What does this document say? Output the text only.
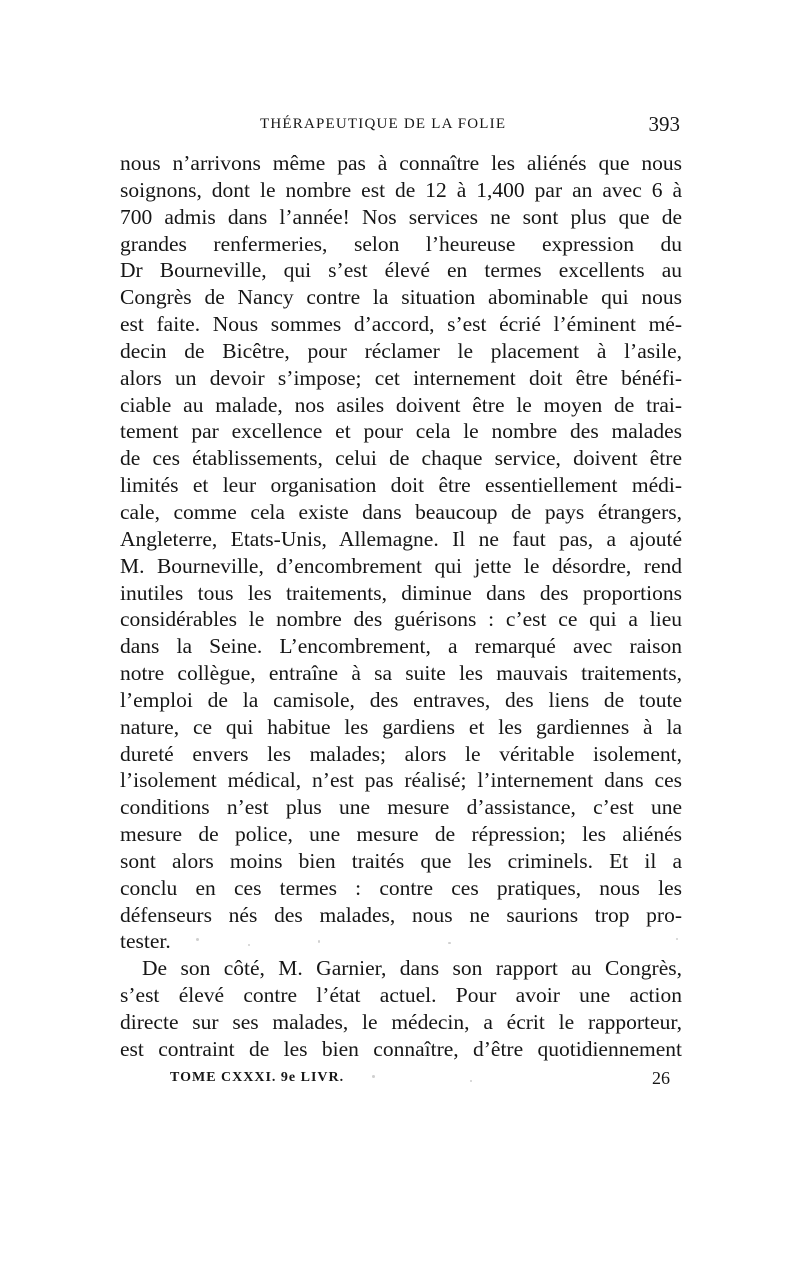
THÉRAPEUTIQUE DE LA FOLIE	393
nous n’arrivons même pas à connaître les aliénés que nous
soignons, dont le nombre est de 12 à 1,400 par an avec 6 à
700 admis dans l’année! Nos services ne sont plus que de
grandes renfermeries, selon l’heureuse expression du
Dr Bourneville, qui s’est élevé en termes excellents au
Congrès de Nancy contre la situation abominable qui nous
est faite. Nous sommes d’accord, s’est écrié l’éminent mé-
decin de Bicêtre, pour réclamer le placement à l’asile,
alors un devoir s’impose; cet internement doit être bénéfi-
ciable au malade, nos asiles doivent être le moyen de trai-
tement par excellence et pour cela le nombre des malades
de ces établissements, celui de chaque service, doivent être
limités et leur organisation doit être essentiellement médi-
cale, comme cela existe dans beaucoup de pays étrangers,
Angleterre, Etats-Unis, Allemagne. Il ne faut pas, a ajouté
M. Bourneville, d’encombrement qui jette le désordre, rend
inutiles tous les traitements, diminue dans des proportions
considérables le nombre des guérisons : c’est ce qui a lieu
dans la Seine. L’encombrement, a remarqué avec raison
notre collègue, entraîne à sa suite les mauvais traitements,
l’emploi de la camisole, des entraves, des liens de toute
nature, ce qui habitue les gardiens et les gardiennes à la
dureté envers les malades; alors le véritable isolement,
l’isolement médical, n’est pas réalisé; l’internement dans ces
conditions n’est plus une mesure d’assistance, c’est une
mesure de police, une mesure de répression; les aliénés
sont alors moins bien traités que les criminels. Et il a
conclu en ces termes : contre ces pratiques, nous les
défenseurs nés des malades, nous ne saurions trop pro-
tester.
De son côté, M. Garnier, dans son rapport au Congrès,
s’est élevé contre l’état actuel. Pour avoir une action
directe sur ses malades, le médecin, a écrit le rapporteur,
est contraint de les bien connaître, d’être quotidiennement
TOME CXXXI. 9e LIVR.	26
